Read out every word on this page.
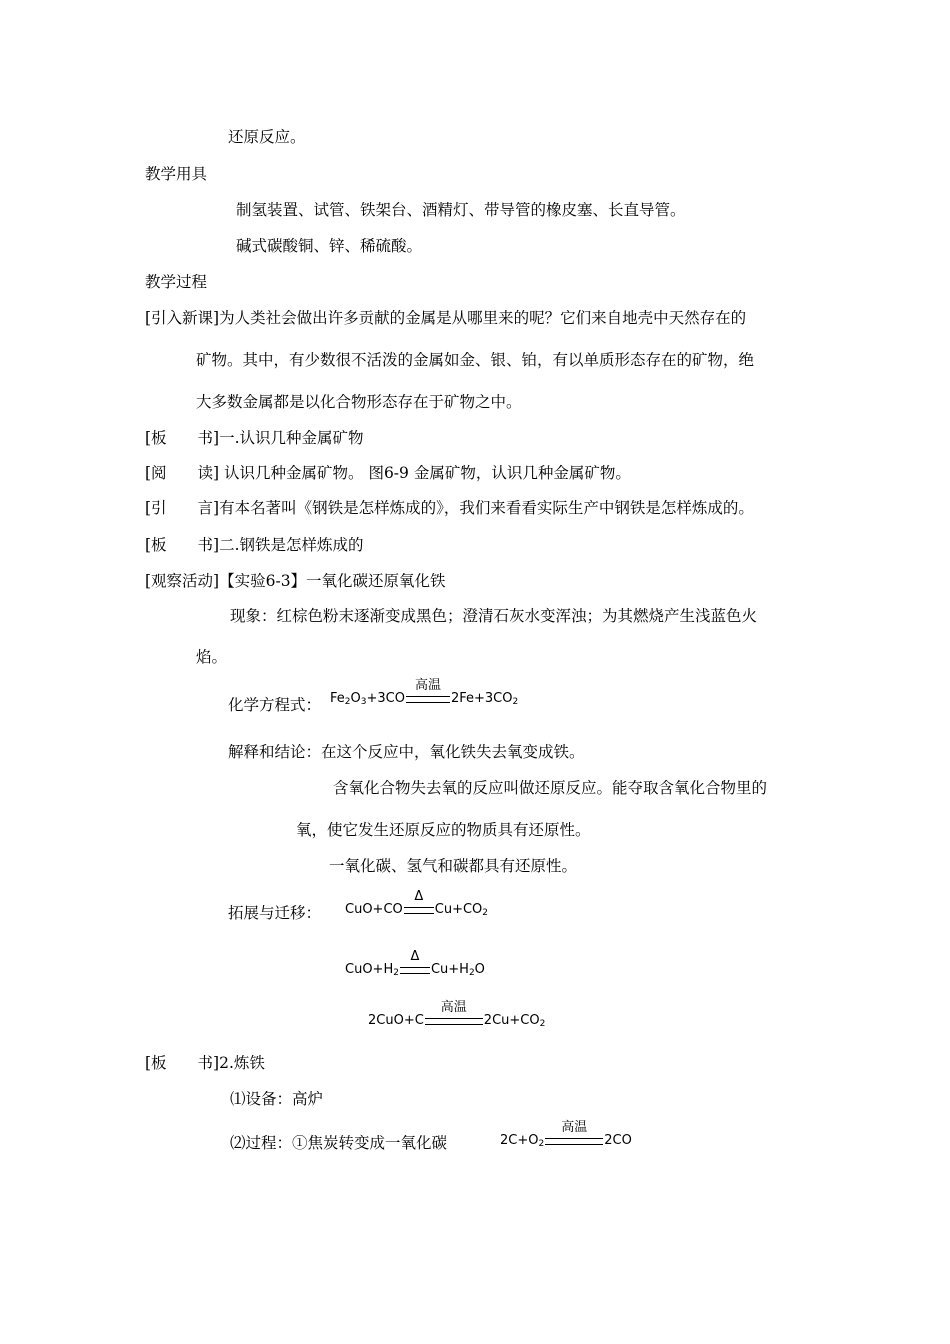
还原反应。
教学用具
制氢装置、试管、铁架台、酒精灯、带导管的橡皮塞、长直导管。
碱式碳酸铜、锌、稀硫酸。
教学过程
[引入新课]为人类社会做出许多贡献的金属是从哪里来的呢？它们来自地壳中天然存在的
矿物。其中，有少数很不活泼的金属如金、银、铂，有以单质形态存在的矿物，绝
大多数金属都是以化合物形态存在于矿物之中。
[板　　书]一.认识几种金属矿物
[阅　　读] 认识几种金属矿物。 图6-9 金属矿物，认识几种金属矿物。
[引　　言]有本名著叫《钢铁是怎样炼成的》，我们来看看实际生产中钢铁是怎样炼成的。
[板　　书]二.钢铁是怎样炼成的
[观察活动]【实验6-3】一氧化碳还原氧化铁
现象：红棕色粉末逐渐变成黑色；澄清石灰水变浑浊；为其燃烧产生浅蓝色火
焰。
化学方程式： $Fe_2$ $O_3 +3CO$
高温
$2Fe+3CO_2$
解释和结论：在这个反应中，氧化铁失去氧变成铁。
含氧化合物失去氧的反应叫做还原反应。能夺取含氧化合物里的
氧，使它发生还原反应的物质具有还原性。
一氧化碳、氢气和碳都具有还原性。
拓展与迁移： CuO+CO
Δ
$Cu+CO_2$
$CuO+H_2$
Δ
$Cu+H_2$ O
2CuO+C
高温
$2Cu+CO_2$
[板　　书]2.炼铁
⑴设备：高炉
⑵过程：①焦炭转变成一氧化碳	$2C+O_2$
高温
2CO
